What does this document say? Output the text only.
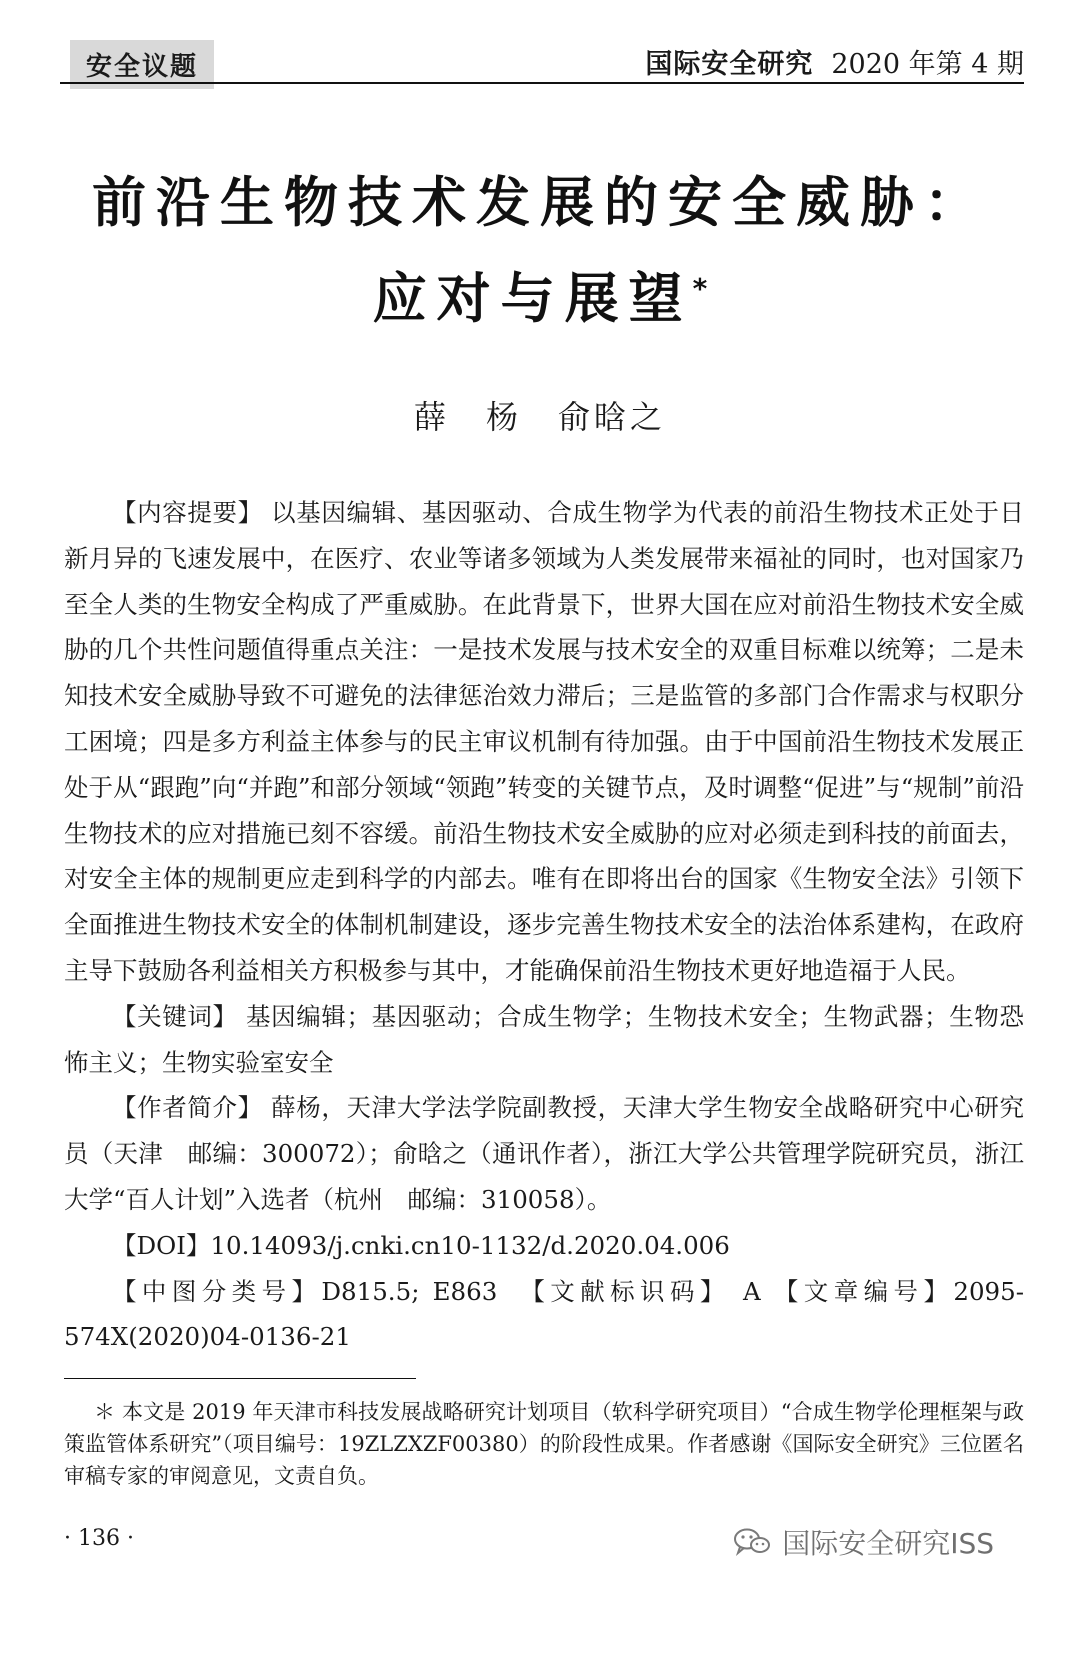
安全议题	国际安全研究 2020 年第 4 期
前沿生物技术发展的安全威胁：
应对与展望*
薛　杨　俞晗之

【内容提要】 以基因编辑、基因驱动、合成生物学为代表的前沿生物技术正处于日新月异的飞速发展中，在医疗、农业等诸多领域为人类发展带来福祉的同时，也对国家乃至全人类的生物安全构成了严重威胁。在此背景下，世界大国在应对前沿生物技术安全威胁的几个共性问题值得重点关注：一是技术发展与技术安全的双重目标难以统筹；二是未知技术安全威胁导致不可避免的法律惩治效力滞后；三是监管的多部门合作需求与权职分工困境；四是多方利益主体参与的民主审议机制有待加强。由于中国前沿生物技术发展正处于从“跟跑”向“并跑”和部分领域“领跑”转变的关键节点，及时调整“促进”与“规制”前沿生物技术的应对措施已刻不容缓。前沿生物技术安全威胁的应对必须走到科技的前面去，对安全主体的规制更应走到科学的内部去。唯有在即将出台的国家《生物安全法》引领下全面推进生物技术安全的体制机制建设，逐步完善生物技术安全的法治体系建构，在政府主导下鼓励各利益相关方积极参与其中，才能确保前沿生物技术更好地造福于人民。

【关键词】 基因编辑；基因驱动；合成生物学；生物技术安全；生物武器；生物恐怖主义；生物实验室安全

【作者简介】 薛杨，天津大学法学院副教授，天津大学生物安全战略研究中心研究员（天津　邮编：300072）；俞晗之（通讯作者），浙江大学公共管理学院研究员，浙江大学“百人计划”入选者（杭州　邮编：310058）。

【DOI】10.14093/j.cnki.cn10-1132/d.2020.04.006

【中图分类号】D815.5; E863　 【文献标识码】 A 【文章编号】2095-574X(2020)04-0136-21

＊ 本文是 2019 年天津市科技发展战略研究计划项目（软科学研究项目）“合成生物学伦理框架与政策监管体系研究”（项目编号：19ZLZXZF00380）的阶段性成果。作者感谢《国际安全研究》三位匿名审稿专家的审阅意见，文责自负。

· 136 ·	国际安全研究ISS
